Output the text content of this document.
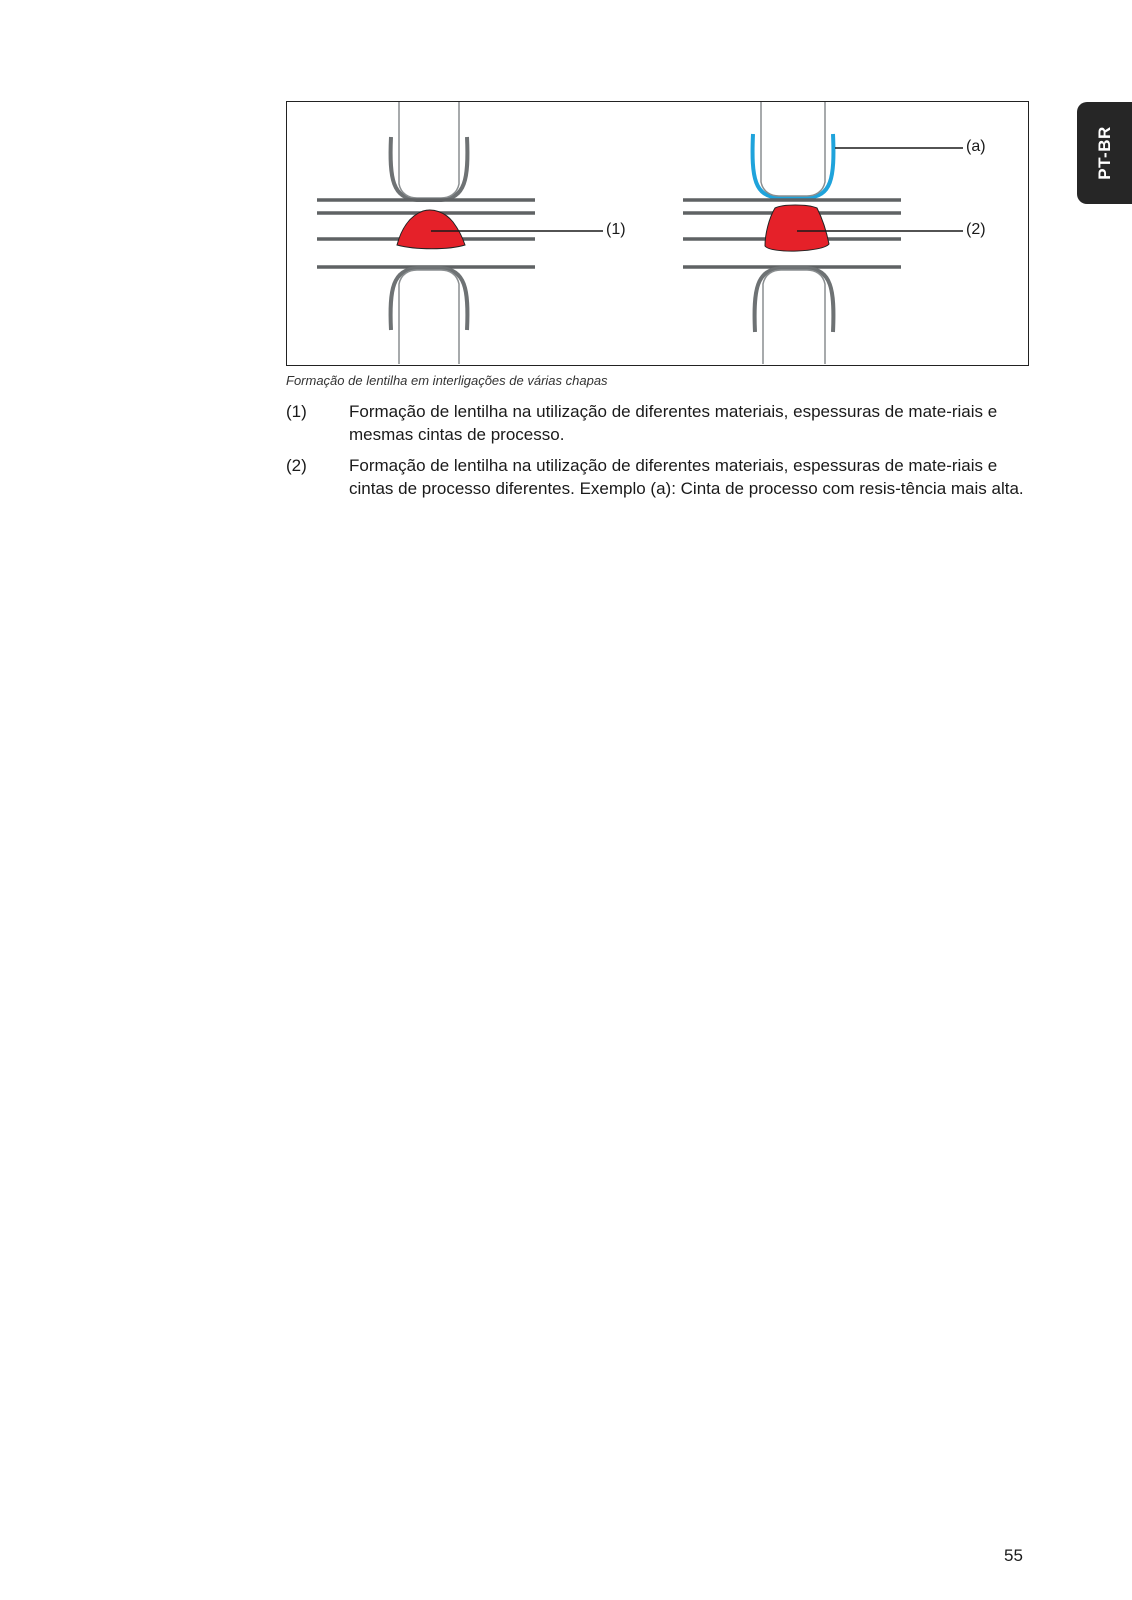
PT-BR
(1)
(a)
(2)
Formação de lentilha em interligações de várias chapas
(1) Formação de lentilha na utilização de diferentes materiais, espessuras de mate-riais e mesmas cintas de processo.
(2) Formação de lentilha na utilização de diferentes materiais, espessuras de mate-riais e cintas de processo diferentes. Exemplo (a): Cinta de processo com resis-tência mais alta.
55
